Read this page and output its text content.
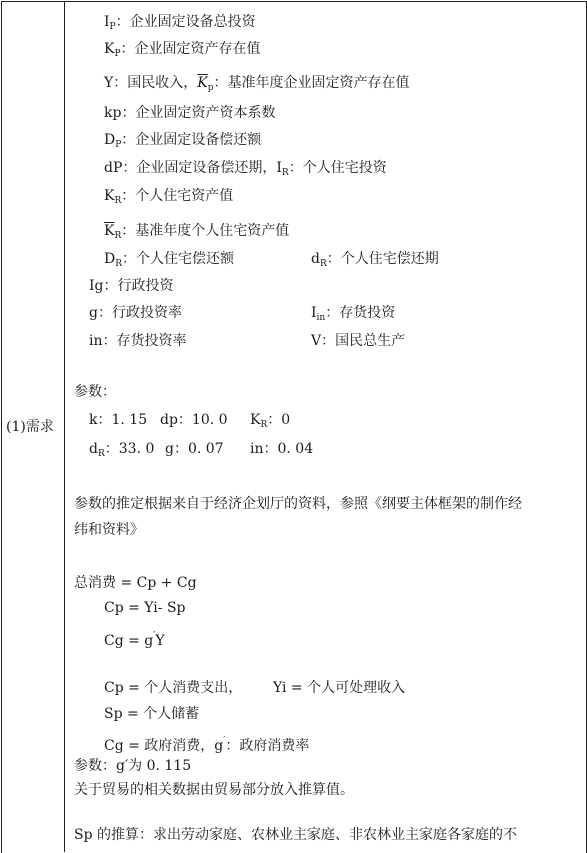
(1)需求
$I_P$：企业固定设备总投资
$K_P$：企业固定资产存在值
Y：国民收入，$\overline{K}_p$：基准年度企业固定资产存在值
kp：企业固定资产资本系数
$D_P$：企业固定设备偿还额
dP：企业固定设备偿还期，$I_R$：个人住宅投资
$K_R$：个人住宅资产值
$\overline{K}_R$：基准年度个人住宅资产值
$D_R$：个人住宅偿还额	$d_R$：个人住宅偿还期
Ig：行政投资
g：行政投资率	$I_{in}$：存货投资
in：存货投资率	V：国民总生产
参数：
k：1. 15 dp：10. 0 $K_R$：0
$d_R$：33. 0 g：0. 07 in：0. 04
参数的推定根据来自于经济企划厅的资料，参照《纲要主体框架的制作经
纬和资料》
总消费 = Cp + Cg
Cp = Yi- Sp
Cg = g′Y
Cp = 个人消费支出， Yi = 个人可处理收入
Sp = 个人储蓄
Cg = 政府消费，g′：政府消费率
参数：g′为 0. 115
关于贸易的相关数据由贸易部分放入推算值。
Sp 的推算：求出劳动家庭、农林业主家庭、非农林业主家庭各家庭的不
